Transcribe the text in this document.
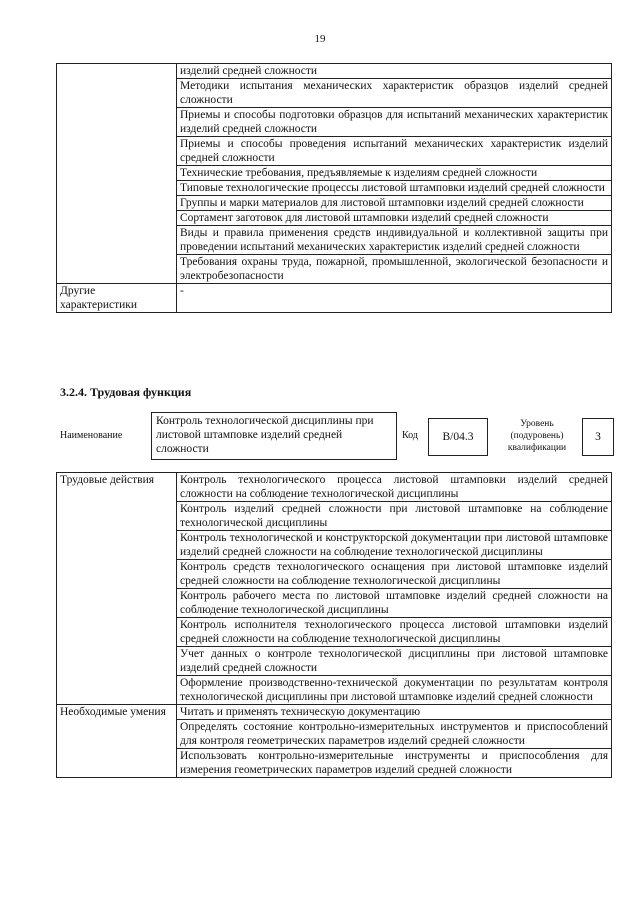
19
	изделий средней сложности
	Методики испытания механических характеристик образцов изделий средней сложности
	Приемы и способы подготовки образцов для испытаний механических характеристик изделий средней сложности
	Приемы и способы проведения испытаний механических характеристик изделий средней сложности
	Технические требования, предъявляемые к изделиям средней сложности
	Типовые технологические процессы листовой штамповки изделий средней сложности
	Группы и марки материалов для листовой штамповки изделий средней сложности
	Сортамент заготовок для листовой штамповки изделий средней сложности
	Виды и правила применения средств индивидуальной и коллективной защиты при проведении испытаний механических характеристик изделий средней сложности
	Требования охраны труда, пожарной, промышленной, экологической безопасности и электробезопасности
Другие характеристики	-
3.2.4. Трудовая функция
Наименование
Контроль технологической дисциплины при листовой штамповке изделий средней сложности
Код	B/04.3
Уровень (подуровень) квалификации
3
Трудовые действия	Контроль технологического процесса листовой штамповки изделий средней сложности на соблюдение технологической дисциплины
	Контроль изделий средней сложности при листовой штамповке на соблюдение технологической дисциплины
	Контроль технологической и конструкторской документации при листовой штамповке изделий средней сложности на соблюдение технологической дисциплины
	Контроль средств технологического оснащения при листовой штамповке изделий средней сложности на соблюдение технологической дисциплины
	Контроль рабочего места по листовой штамповке изделий средней сложности на соблюдение технологической дисциплины
	Контроль исполнителя технологического процесса листовой штамповки изделий средней сложности на соблюдение технологической дисциплины
	Учет данных о контроле технологической дисциплины при листовой штамповке изделий средней сложности
	Оформление производственно-технической документации по результатам контроля технологической дисциплины при листовой штамповке изделий средней сложности
Необходимые умения	Читать и применять техническую документацию
	Определять состояние контрольно-измерительных инструментов и приспособлений для контроля геометрических параметров изделий средней сложности
	Использовать контрольно-измерительные инструменты и приспособления для измерения геометрических параметров изделий средней сложности
